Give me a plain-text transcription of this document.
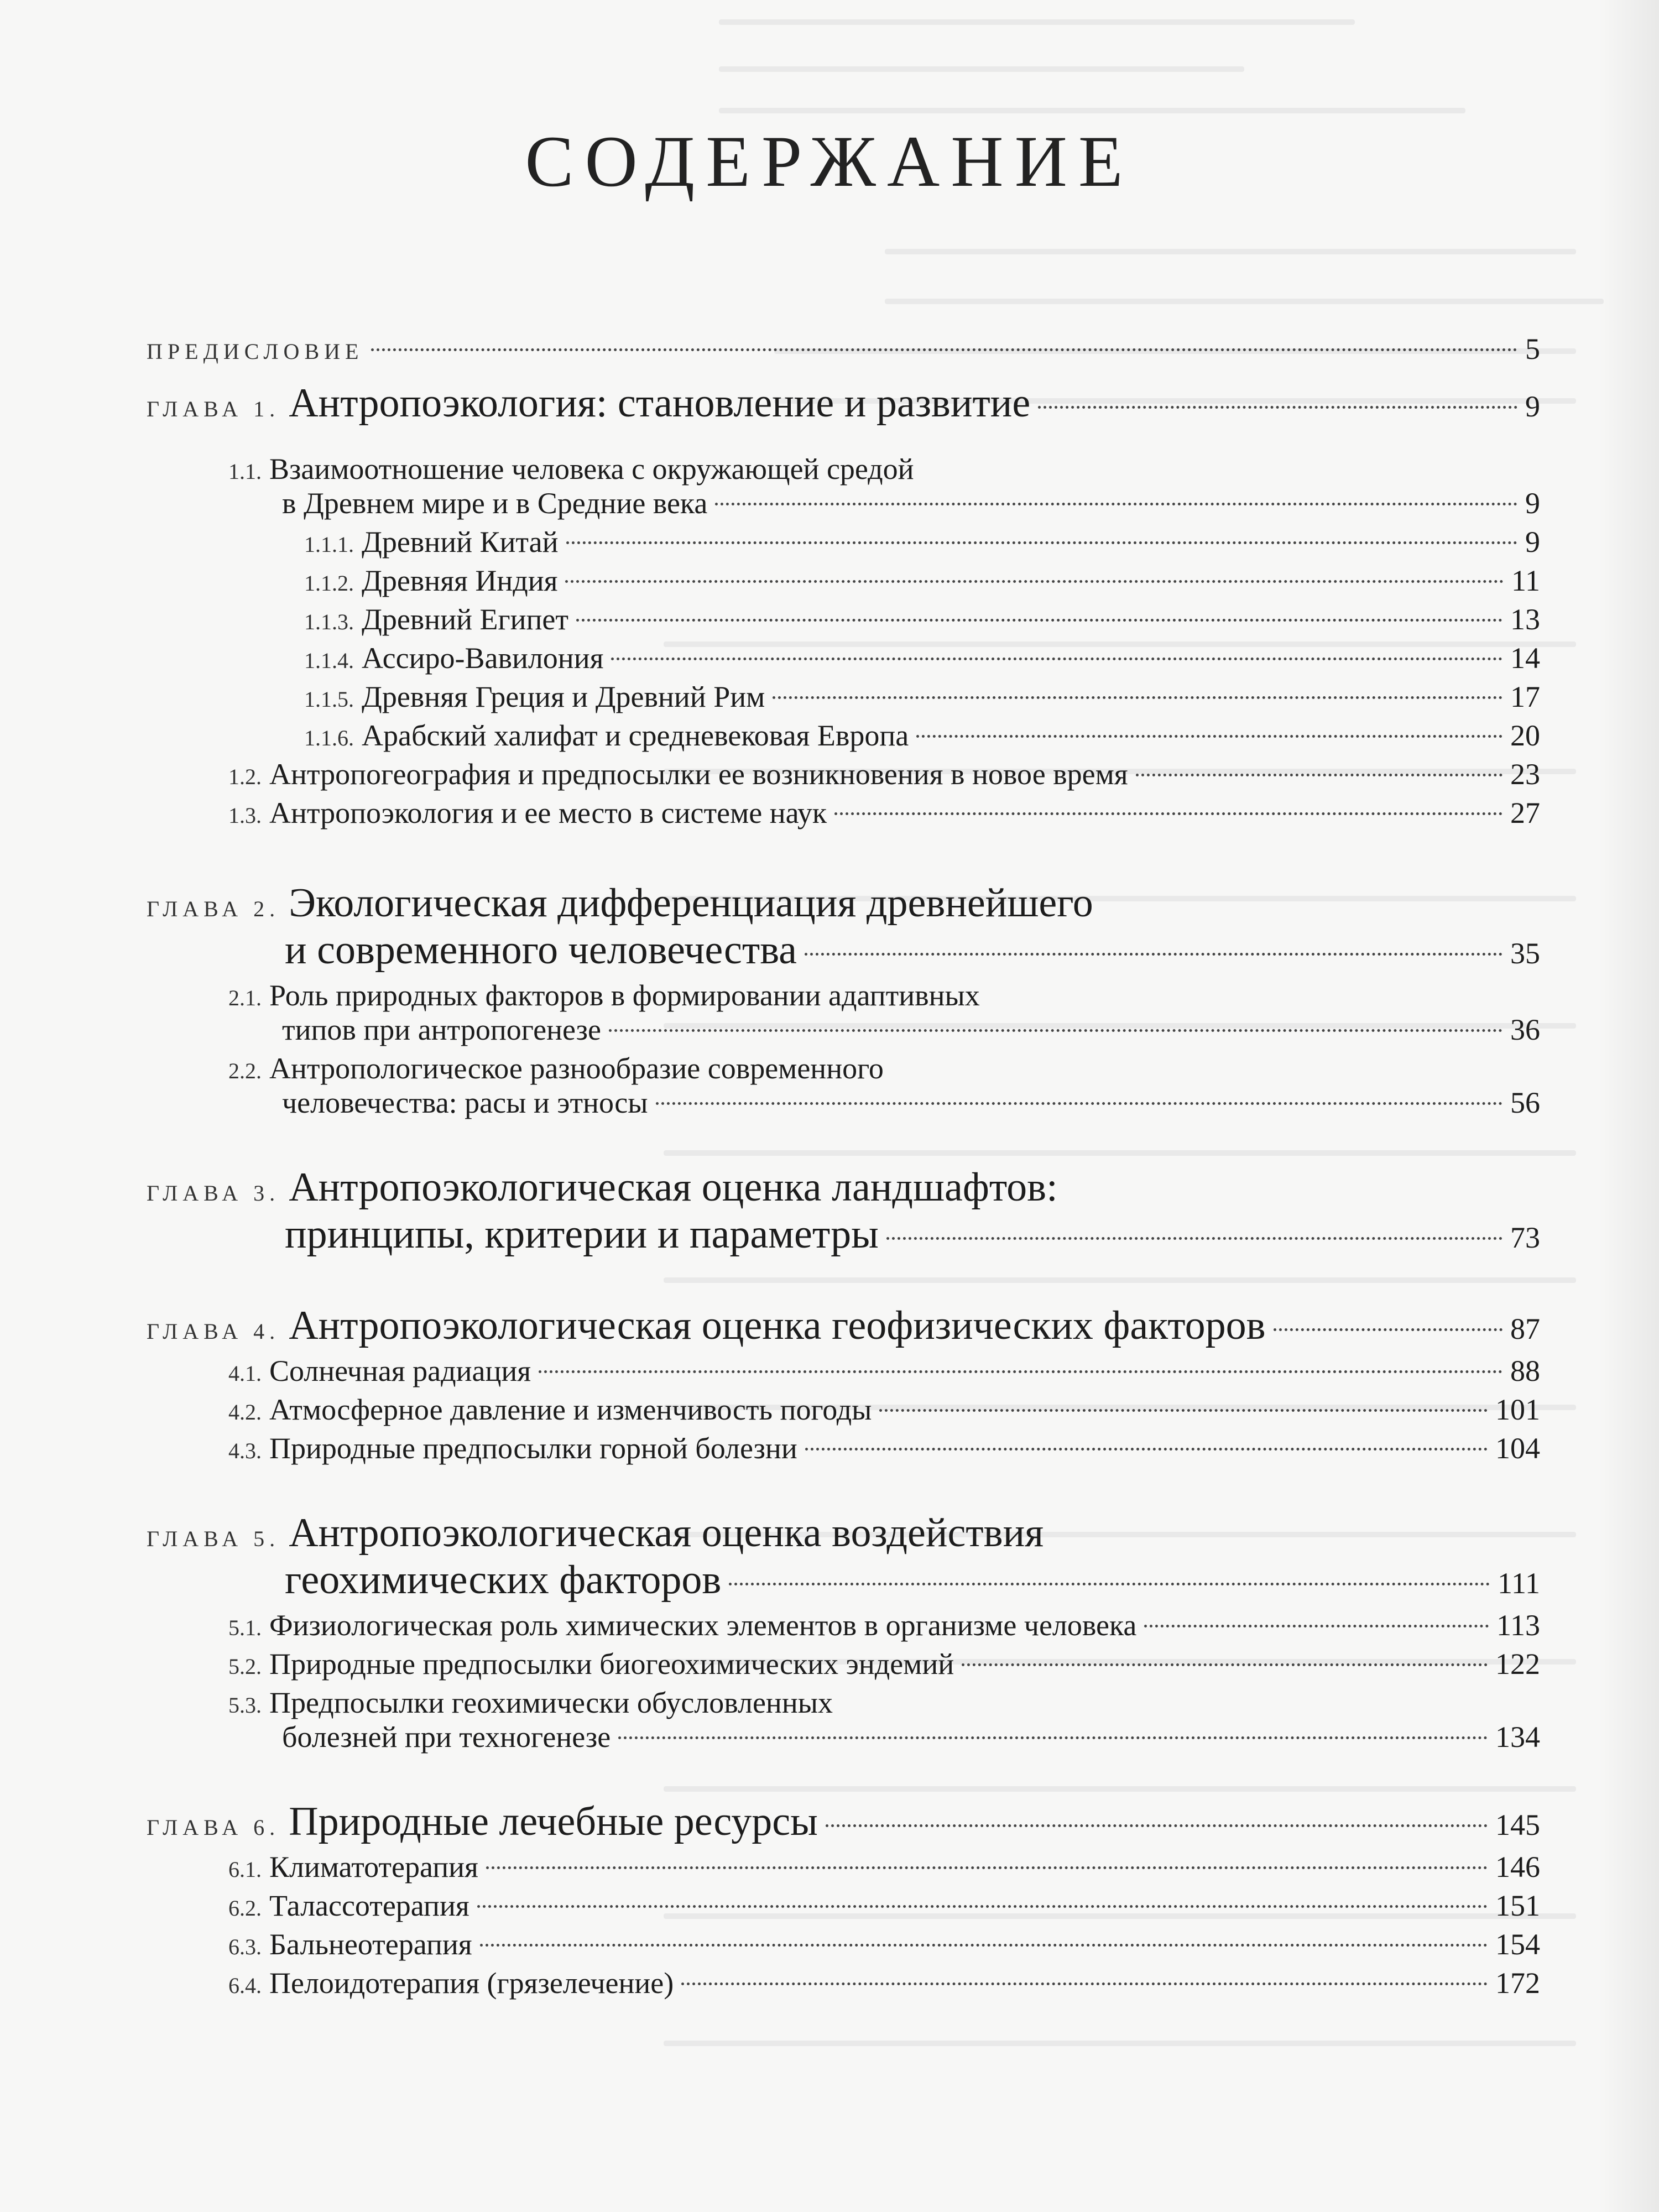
СОДЕРЖАНИЕ
ПРЕДИСЛОВИЕ	5
ГЛАВА 1. Антропоэкология: становление и развитие	9
1.1. Взаимоотношение человека с окружающей средой
в Древнем мире и в Средние века	9
1.1.1. Древний Китай	9
1.1.2. Древняя Индия	11
1.1.3. Древний Египет	13
1.1.4. Ассиро-Вавилония	14
1.1.5. Древняя Греция и Древний Рим	17
1.1.6. Арабский халифат и средневековая Европа	20
1.2. Антропогеография и предпосылки ее возникновения в новое время	23
1.3. Антропоэкология и ее место в системе наук	27
ГЛАВА 2. Экологическая дифференциация древнейшего
и современного человечества	35
2.1. Роль природных факторов в формировании адаптивных
типов при антропогенезе	36
2.2. Антропологическое разнообразие современного
человечества: расы и этносы	56
ГЛАВА 3. Антропоэкологическая оценка ландшафтов:
принципы, критерии и параметры	73
ГЛАВА 4. Антропоэкологическая оценка геофизических факторов	87
4.1. Солнечная радиация	88
4.2. Атмосферное давление и изменчивость погоды	101
4.3. Природные предпосылки горной болезни	104
ГЛАВА 5. Антропоэкологическая оценка воздействия
геохимических факторов	111
5.1. Физиологическая роль химических элементов в организме человека	113
5.2. Природные предпосылки биогеохимических эндемий	122
5.3. Предпосылки геохимически обусловленных
болезней при техногенезе	134
ГЛАВА 6. Природные лечебные ресурсы	145
6.1. Климатотерапия	146
6.2. Талассотерапия	151
6.3. Бальнеотерапия	154
6.4. Пелоидотерапия (грязелечение)	172
